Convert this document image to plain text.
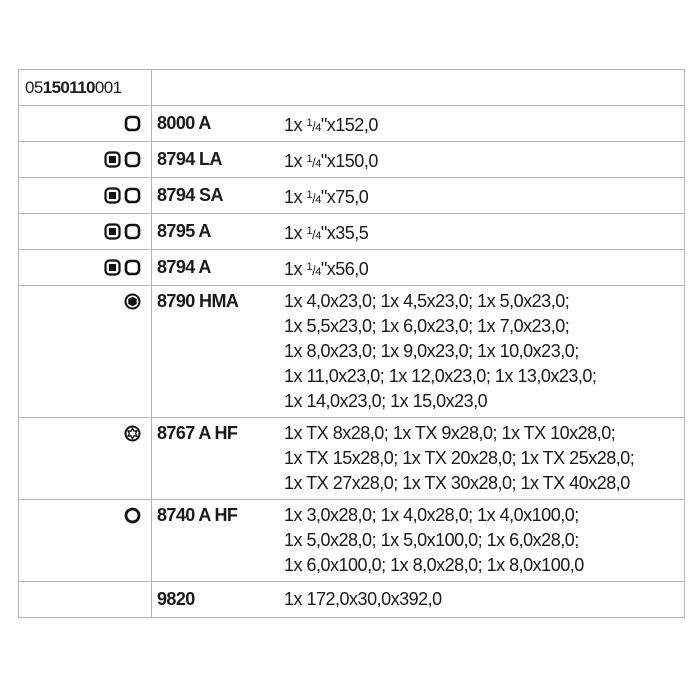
05150110001
8000 A	1x $^1$/4"x152,0
8794 LA	1x $^1$/4"x150,0
8794 SA	1x $^1$/4"x75,0
8795 A	1x $^1$/4"x35,5
8794 A	1x $^1$/4"x56,0
8790 HMA	1x 4,0x23,0; 1x 4,5x23,0; 1x 5,0x23,0;
1x 5,5x23,0; 1x 6,0x23,0; 1x 7,0x23,0;
1x 8,0x23,0; 1x 9,0x23,0; 1x 10,0x23,0;
1x 11,0x23,0; 1x 12,0x23,0; 1x 13,0x23,0;
1x 14,0x23,0; 1x 15,0x23,0
8767 A HF	1x TX 8x28,0; 1x TX 9x28,0; 1x TX 10x28,0;
1x TX 15x28,0; 1x TX 20x28,0; 1x TX 25x28,0;
1x TX 27x28,0; 1x TX 30x28,0; 1x TX 40x28,0
8740 A HF	1x 3,0x28,0; 1x 4,0x28,0; 1x 4,0x100,0;
1x 5,0x28,0; 1x 5,0x100,0; 1x 6,0x28,0;
1x 6,0x100,0; 1x 8,0x28,0; 1x 8,0x100,0
9820	1x 172,0x30,0x392,0
